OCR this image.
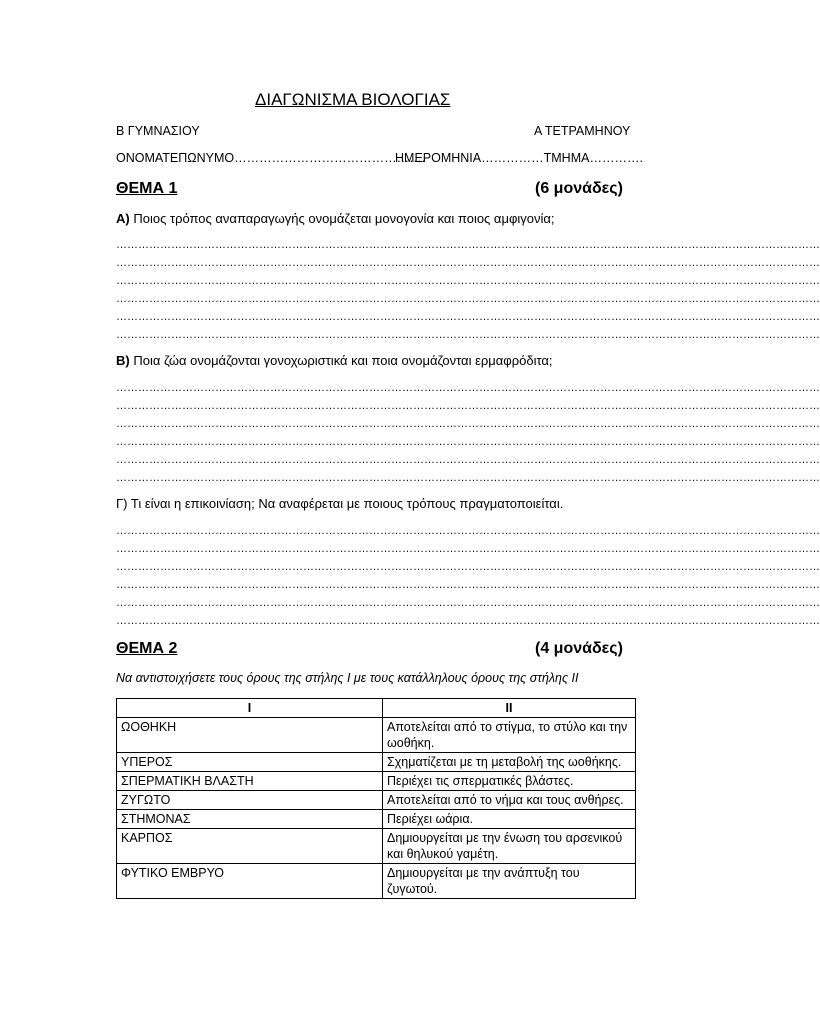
ΔΙΑΓΩΝΙΣΜΑ ΒΙΟΛΟΓΙΑΣ
Β ΓΥΜΝΑΣΙΟΥ	Α ΤΕΤΡΑΜΗΝΟΥ
ΟΝΟΜΑΤΕΠΩΝΥΜΟ……………………………………….
ΗΜΕΡΟΜΗΝΙΑ……………ΤΜΗΜΑ………….
ΘΕΜΑ 1	(6 μονάδες)
Α) Ποιος τρόπος αναπαραγωγής ονομάζεται μονογονία και ποιος αμφιγονία;
…………………………………………………………………………………………………………………………………………………………………………
…………………………………………………………………………………………………………………………………………………………………………
…………………………………………………………………………………………………………………………………………………………………………
…………………………………………………………………………………………………………………………………………………………………………
…………………………………………………………………………………………………………………………………………………………………………
…………………………………………………………………………………………………………………………………………………………………………
Β) Ποια ζώα ονομάζονται γονοχωριστικά και ποια ονομάζονται ερμαφρόδιτα;
…………………………………………………………………………………………………………………………………………………………………………
…………………………………………………………………………………………………………………………………………………………………………
…………………………………………………………………………………………………………………………………………………………………………
…………………………………………………………………………………………………………………………………………………………………………
…………………………………………………………………………………………………………………………………………………………………………
…………………………………………………………………………………………………………………………………………………………………………
Γ) Τι είναι η επικοινίαση; Να αναφέρεται με ποιους τρόπους πραγματοποιείται.
…………………………………………………………………………………………………………………………………………………………………………
…………………………………………………………………………………………………………………………………………………………………………
…………………………………………………………………………………………………………………………………………………………………………
…………………………………………………………………………………………………………………………………………………………………………
…………………………………………………………………………………………………………………………………………………………………………
…………………………………………………………………………………………………………………………………………………………………………
ΘΕΜΑ 2	(4 μονάδες)
Να αντιστοιχήσετε τους όρους της στήλης Ι με τους κατάλληλους όρους της στήλης ΙΙ
Ι	ΙΙ
ΩΟΘΗΚΗ	Αποτελείται από το στίγμα, το στύλο και την ωοθήκη.
ΥΠΕΡΟΣ	Σχηματίζεται με τη μεταβολή της ωοθήκης.
ΣΠΕΡΜΑΤΙΚΗ ΒΛΑΣΤΗ	Περιέχει τις σπερματικές βλάστες.
ΖΥΓΩΤΟ	Αποτελείται από το νήμα και τους ανθήρες.
ΣΤΗΜΟΝΑΣ	Περιέχει ωάρια.
ΚΑΡΠΟΣ	Δημιουργείται με την ένωση του αρσενικού και θηλυκού γαμέτη.
ΦΥΤΙΚΟ ΕΜΒΡΥΟ	Δημιουργείται με την ανάπτυξη του ζυγωτού.
